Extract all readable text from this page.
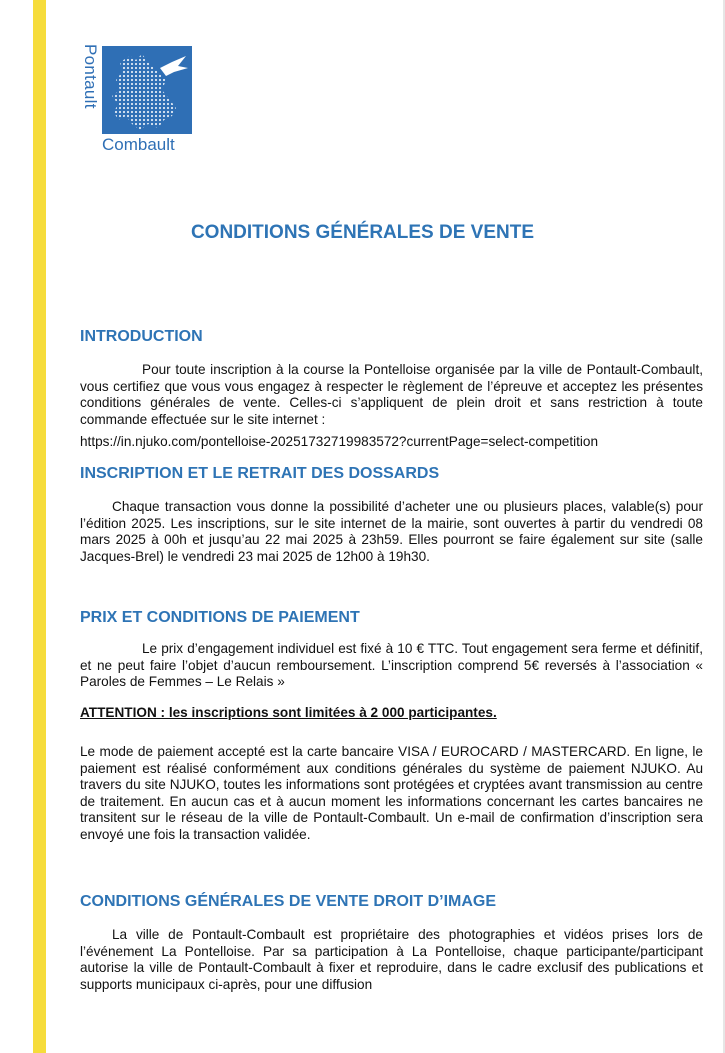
Pontault
Combault
CONDITIONS GÉNÉRALES DE VENTE
INTRODUCTION
Pour toute inscription à la course la Pontelloise organisée par la ville de Pontault-Combault, vous certifiez que vous vous engagez à respecter le règlement de l’épreuve et acceptez les présentes conditions générales de vente. Celles-ci s’appliquent de plein droit et sans restriction à toute commande effectuée sur le site internet :
https://in.njuko.com/pontelloise-20251732719983572?currentPage=select-competition
INSCRIPTION ET LE RETRAIT DES DOSSARDS
Chaque transaction vous donne la possibilité d’acheter une ou plusieurs places, valable(s) pour l’édition 2025. Les inscriptions, sur le site internet de la mairie, sont ouvertes à partir du vendredi 08 mars 2025 à 00h et jusqu’au 22 mai 2025 à 23h59. Elles pourront se faire également sur site (salle Jacques-Brel) le vendredi 23 mai 2025 de 12h00 à 19h30.
PRIX ET CONDITIONS DE PAIEMENT
Le prix d’engagement individuel est fixé à 10 € TTC. Tout engagement sera ferme et définitif, et ne peut faire l’objet d’aucun remboursement. L’inscription comprend 5€ reversés à l’association « Paroles de Femmes – Le Relais »
ATTENTION : les inscriptions sont limitées à 2 000 participantes.
Le mode de paiement accepté est la carte bancaire VISA / EUROCARD / MASTERCARD. En ligne, le paiement est réalisé conformément aux conditions générales du système de paiement NJUKO. Au travers du site NJUKO, toutes les informations sont protégées et cryptées avant transmission au centre de traitement. En aucun cas et à aucun moment les informations concernant les cartes bancaires ne transitent sur le réseau de la ville de Pontault-Combault. Un e-mail de confirmation d’inscription sera envoyé une fois la transaction validée.
CONDITIONS GÉNÉRALES DE VENTE DROIT D’IMAGE
La ville de Pontault-Combault est propriétaire des photographies et vidéos prises lors de l’événement La Pontelloise. Par sa participation à La Pontelloise, chaque participante/participant autorise la ville de Pontault-Combault à fixer et reproduire, dans le cadre exclusif des publications et supports municipaux ci-après, pour une diffusion
